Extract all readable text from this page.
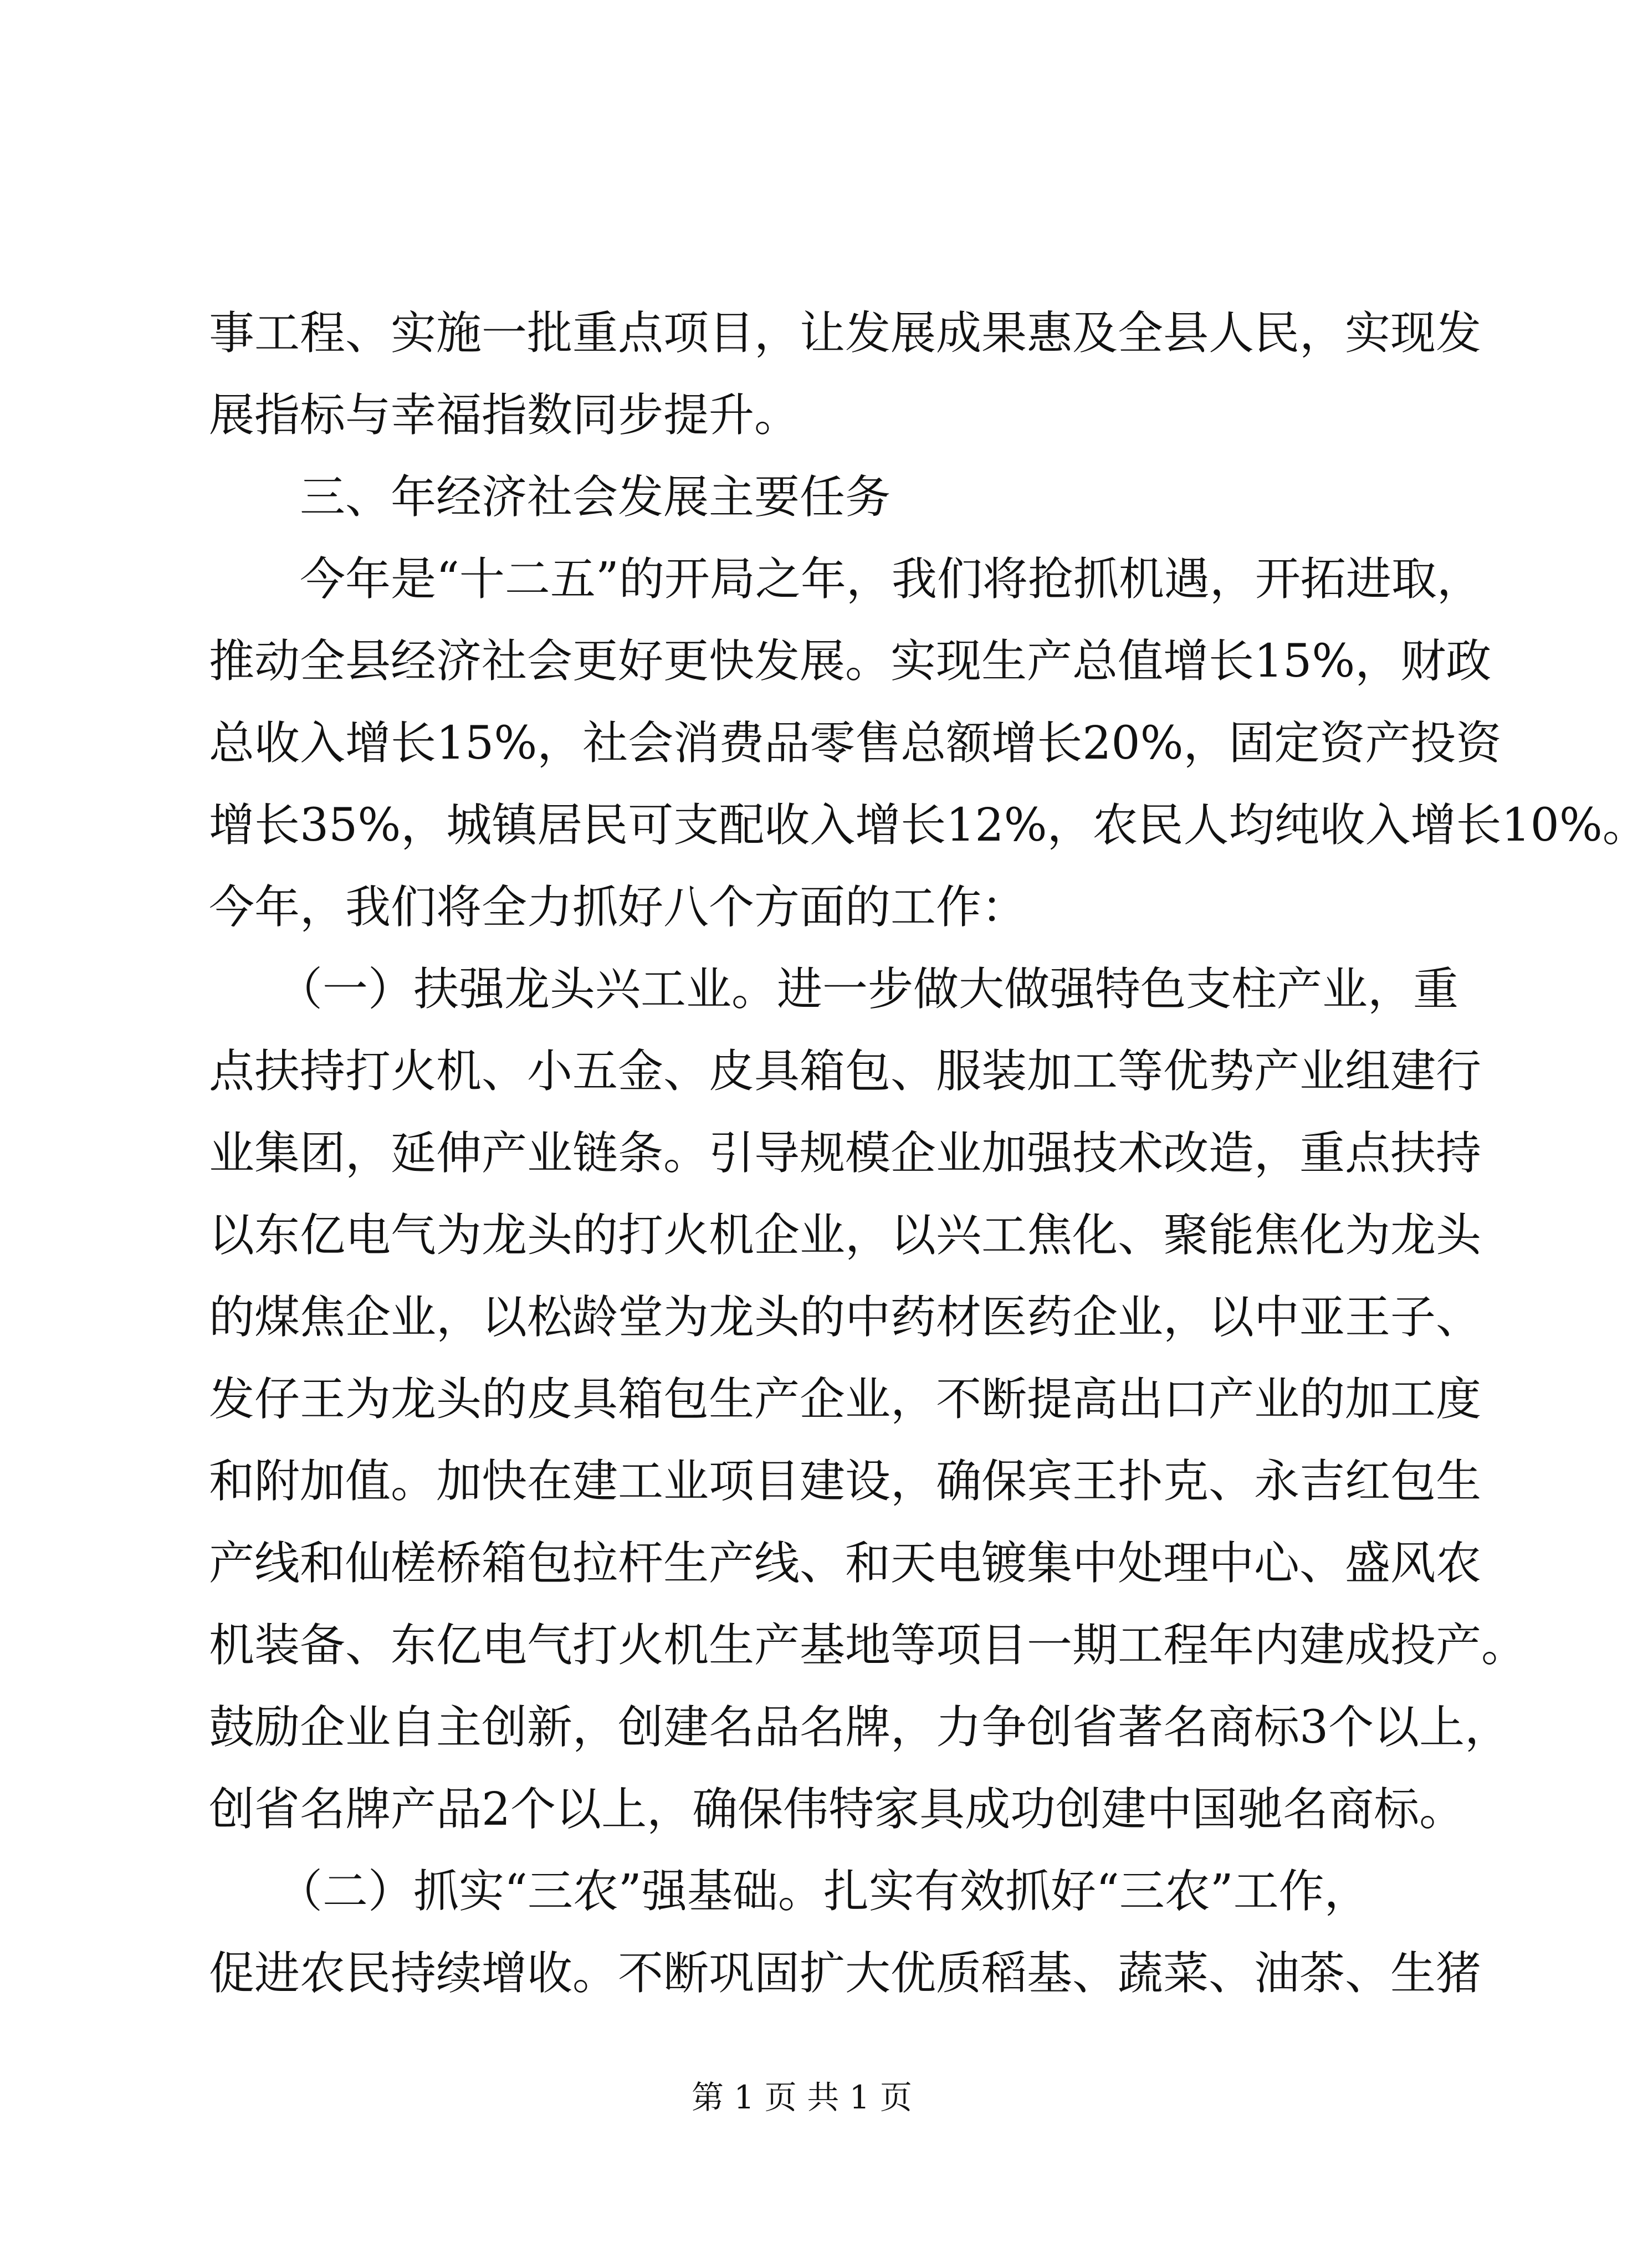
事工程、实施一批重点项目，让发展成果惠及全县人民，实现发
展指标与幸福指数同步提升。
　　三、年经济社会发展主要任务
　　今年是“十二五”的开局之年，我们将抢抓机遇，开拓进取，
推动全县经济社会更好更快发展。实现生产总值增长15%，财政
总收入增长15%，社会消费品零售总额增长20%，固定资产投资
增长35%，城镇居民可支配收入增长12%，农民人均纯收入增长10%。
今年，我们将全力抓好八个方面的工作：
　　（一）扶强龙头兴工业。进一步做大做强特色支柱产业，重
点扶持打火机、小五金、皮具箱包、服装加工等优势产业组建行
业集团，延伸产业链条。引导规模企业加强技术改造，重点扶持
以东亿电气为龙头的打火机企业，以兴工焦化、聚能焦化为龙头
的煤焦企业，以松龄堂为龙头的中药材医药企业，以中亚王子、
发仔王为龙头的皮具箱包生产企业，不断提高出口产业的加工度
和附加值。加快在建工业项目建设，确保宾王扑克、永吉红包生
产线和仙槎桥箱包拉杆生产线、和天电镀集中处理中心、盛风农
机装备、东亿电气打火机生产基地等项目一期工程年内建成投产。
鼓励企业自主创新，创建名品名牌，力争创省著名商标3个以上，
创省名牌产品2个以上，确保伟特家具成功创建中国驰名商标。
　　（二）抓实“三农”强基础。扎实有效抓好“三农”工作，
促进农民持续增收。不断巩固扩大优质稻基、蔬菜、油茶、生猪
第 1 页 共 1 页
